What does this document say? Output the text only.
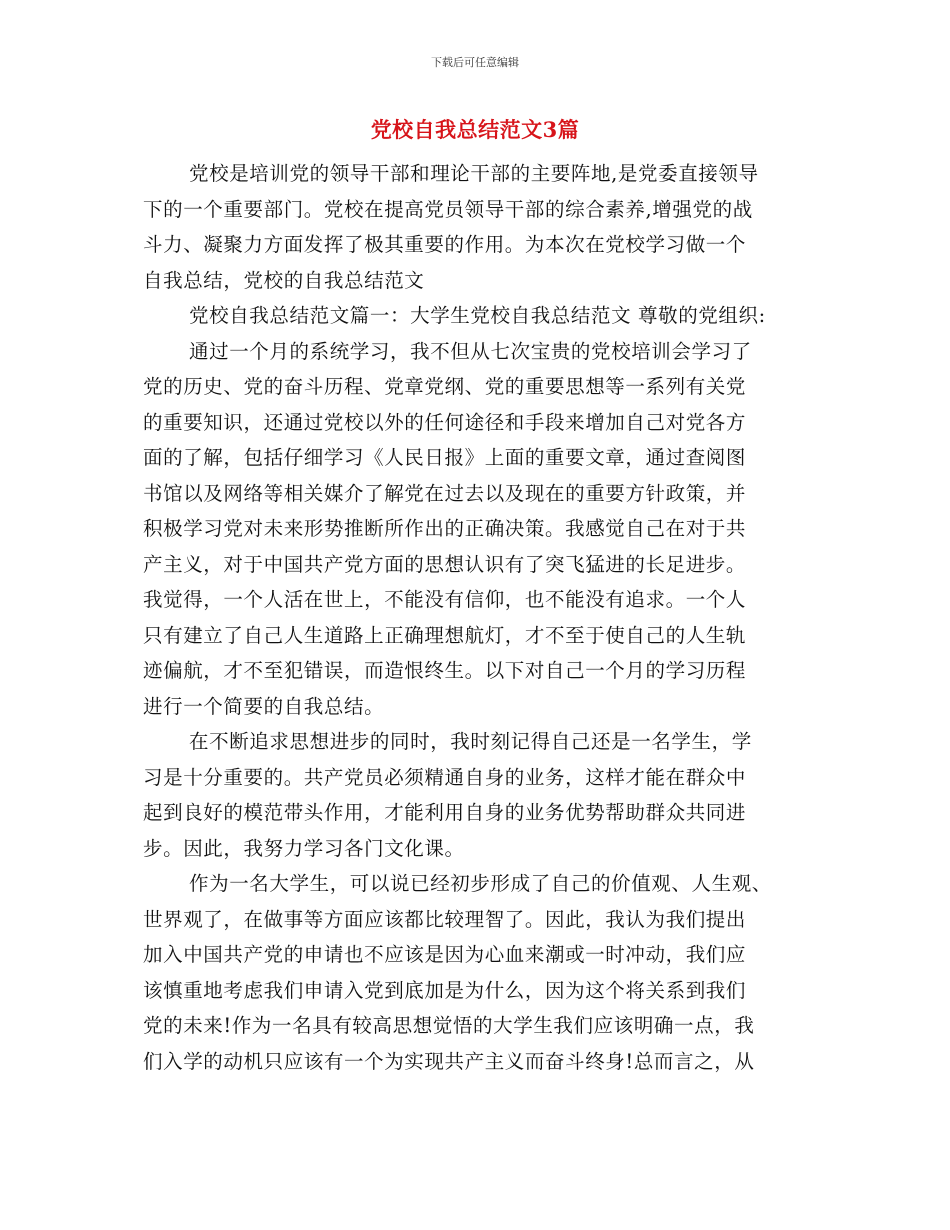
下载后可任意编辑
党校自我总结范文3篇
党校是培训党的领导干部和理论干部的主要阵地,是党委直接领导
下的一个重要部门。党校在提高党员领导干部的综合素养,增强党的战
斗力、凝聚力方面发挥了极其重要的作用。为本次在党校学习做一个
自我总结，党校的自我总结范文
党校自我总结范文篇一：大学生党校自我总结范文 尊敬的党组织:
通过一个月的系统学习，我不但从七次宝贵的党校培训会学习了
党的历史、党的奋斗历程、党章党纲、党的重要思想等一系列有关党
的重要知识，还通过党校以外的任何途径和手段来增加自己对党各方
面的了解，包括仔细学习《人民日报》上面的重要文章，通过查阅图
书馆以及网络等相关媒介了解党在过去以及现在的重要方针政策，并
积极学习党对未来形势推断所作出的正确决策。我感觉自己在对于共
产主义，对于中国共产党方面的思想认识有了突飞猛进的长足进步。
我觉得，一个人活在世上，不能没有信仰，也不能没有追求。一个人
只有建立了自己人生道路上正确理想航灯，才不至于使自己的人生轨
迹偏航，才不至犯错误，而造恨终生。以下对自己一个月的学习历程
进行一个简要的自我总结。
在不断追求思想进步的同时，我时刻记得自己还是一名学生，学
习是十分重要的。共产党员必须精通自身的业务，这样才能在群众中
起到良好的模范带头作用，才能利用自身的业务优势帮助群众共同进
步。因此，我努力学习各门文化课。
作为一名大学生，可以说已经初步形成了自己的价值观、人生观、
世界观了，在做事等方面应该都比较理智了。因此，我认为我们提出
加入中国共产党的申请也不应该是因为心血来潮或一时冲动，我们应
该慎重地考虑我们申请入党到底加是为什么，因为这个将关系到我们
党的未来!作为一名具有较高思想觉悟的大学生我们应该明确一点，我
们入学的动机只应该有一个为实现共产主义而奋斗终身!总而言之，从
